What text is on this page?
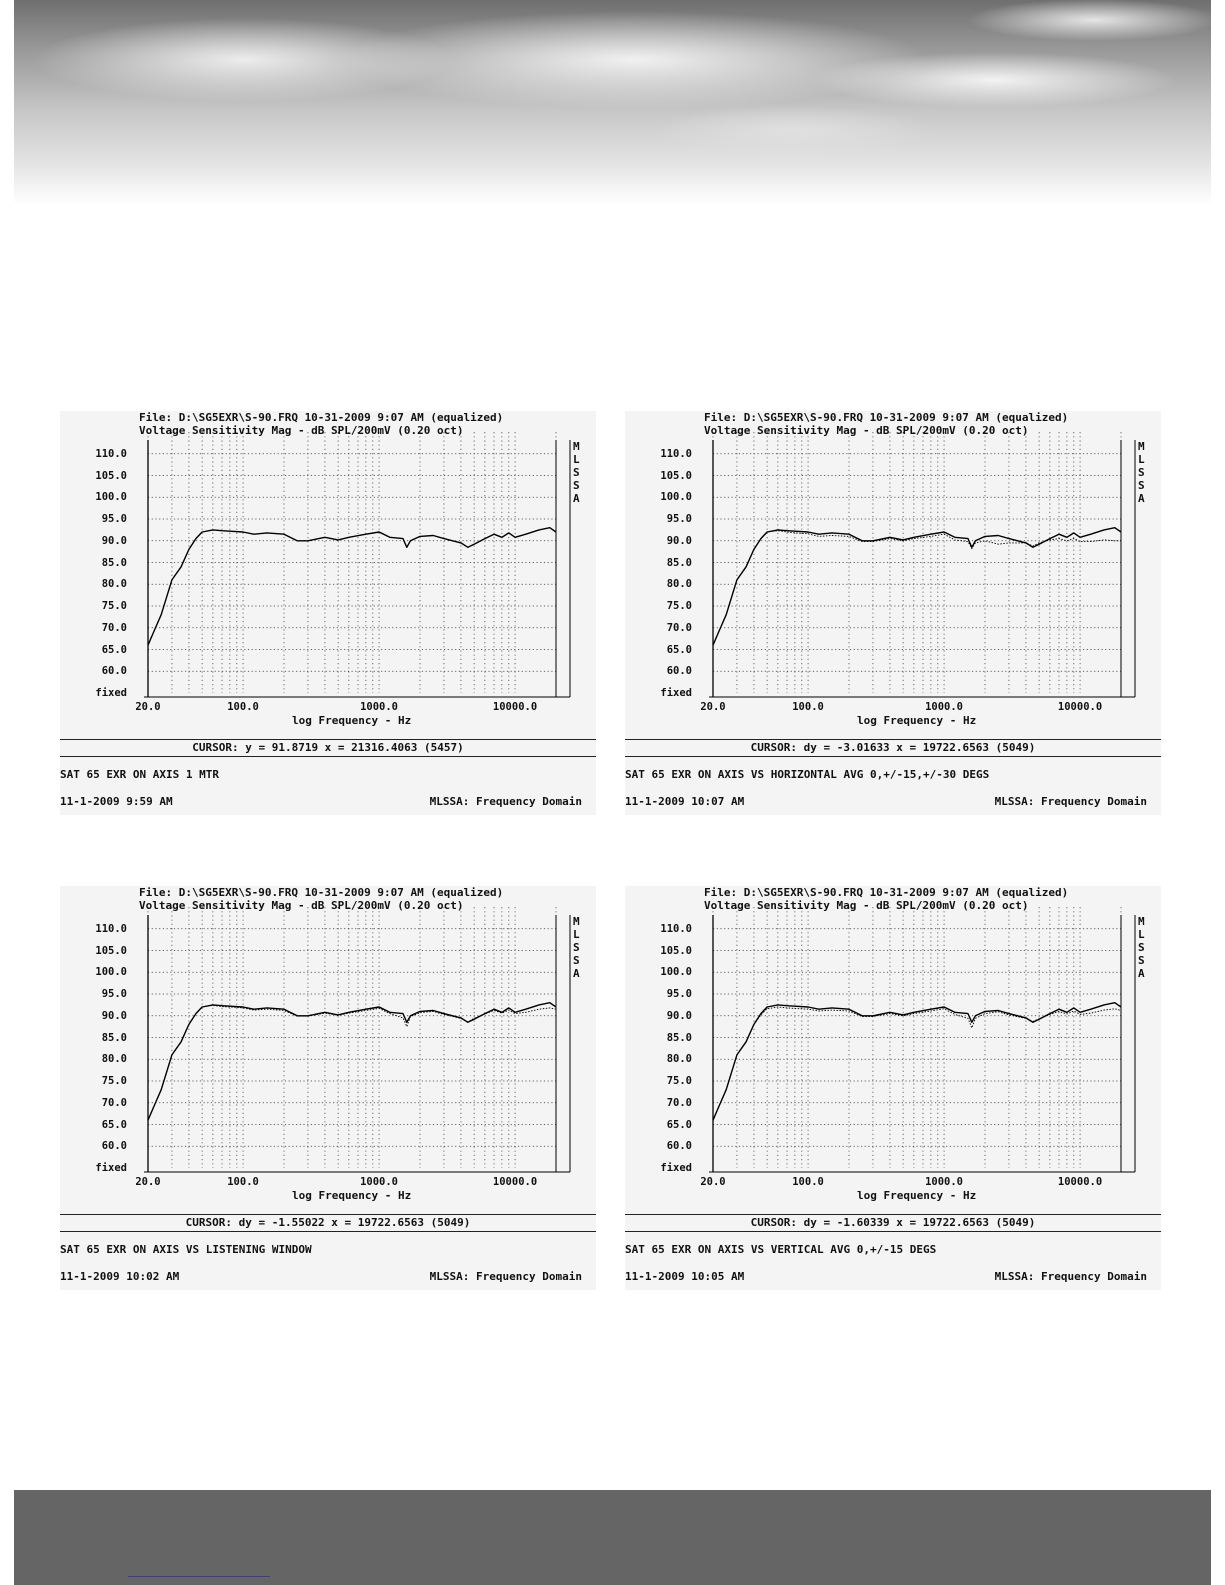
File: D:\SG5EXR\S-90.FRQ 10-31-2009 9:07 AM (equalized)
Voltage Sensitivity Mag - dB SPL/200mV (0.20 oct)
110.0
105.0
100.0
95.0
90.0
85.0
80.0
75.0
70.0
65.0
60.0
fixed
20.0	100.0	1000.0	10000.0
M
L
S
S
A
log Frequency - Hz
CURSOR: y = 91.8719 x = 21316.4063 (5457)
SAT 65 EXR ON AXIS 1 MTR
11-1-2009 9:59 AM	MLSSA: Frequency Domain
File: D:\SG5EXR\S-90.FRQ 10-31-2009 9:07 AM (equalized)
Voltage Sensitivity Mag - dB SPL/200mV (0.20 oct)
110.0
105.0
100.0
95.0
90.0
85.0
80.0
75.0
70.0
65.0
60.0
fixed
20.0	100.0	1000.0	10000.0
M
L
S
S
A
log Frequency - Hz
CURSOR: dy = -3.01633 x = 19722.6563 (5049)
SAT 65 EXR ON AXIS VS HORIZONTAL AVG 0,+/-15,+/-30 DEGS
11-1-2009 10:07 AM	MLSSA: Frequency Domain
File: D:\SG5EXR\S-90.FRQ 10-31-2009 9:07 AM (equalized)
Voltage Sensitivity Mag - dB SPL/200mV (0.20 oct)
110.0
105.0
100.0
95.0
90.0
85.0
80.0
75.0
70.0
65.0
60.0
fixed
20.0	100.0	1000.0	10000.0
M
L
S
S
A
log Frequency - Hz
CURSOR: dy = -1.55022 x = 19722.6563 (5049)
SAT 65 EXR ON AXIS VS LISTENING WINDOW
11-1-2009 10:02 AM	MLSSA: Frequency Domain
File: D:\SG5EXR\S-90.FRQ 10-31-2009 9:07 AM (equalized)
Voltage Sensitivity Mag - dB SPL/200mV (0.20 oct)
110.0
105.0
100.0
95.0
90.0
85.0
80.0
75.0
70.0
65.0
60.0
fixed
20.0	100.0	1000.0	10000.0
M
L
S
S
A
log Frequency - Hz
CURSOR: dy = -1.60339 x = 19722.6563 (5049)
SAT 65 EXR ON AXIS VS VERTICAL AVG 0,+/-15 DEGS
11-1-2009 10:05 AM	MLSSA: Frequency Domain
